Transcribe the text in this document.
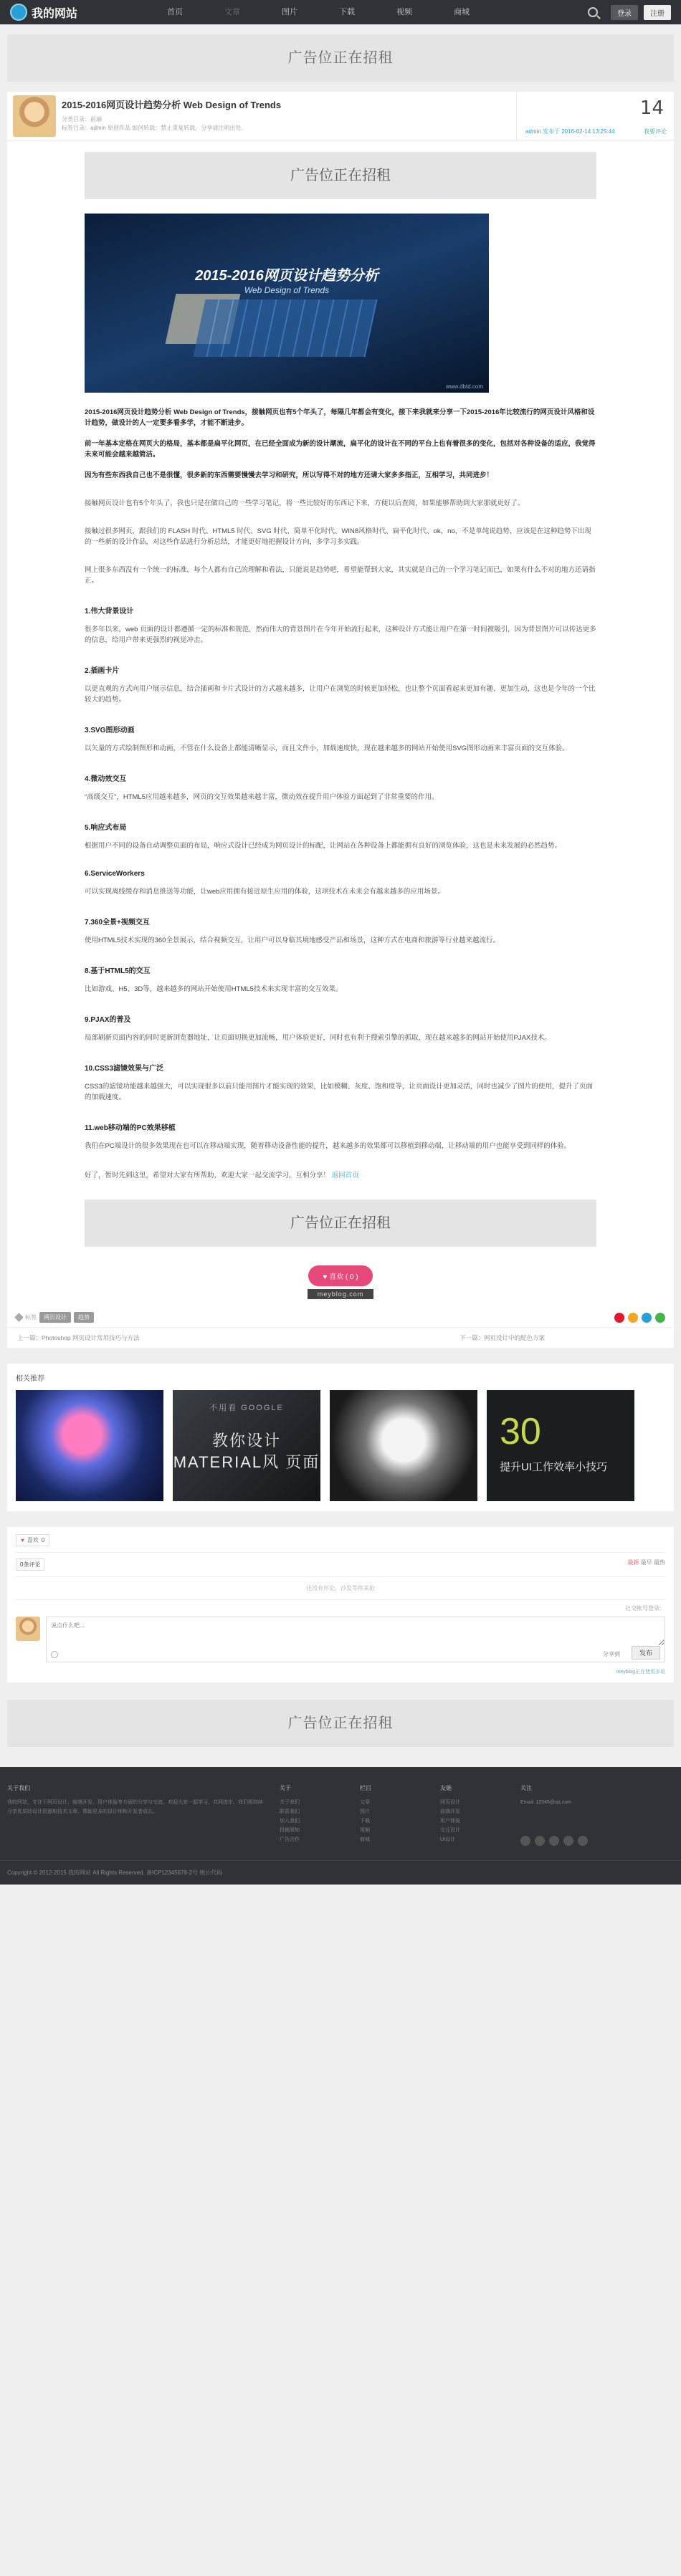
我的网站	首页	文章	图片	下载	视频	商城	登录	注册
广告位正在招租
2015-2016网页设计趋势分析 Web Design of Trends
分类目录：前端
标签目录：admin 原创作品 如何转载：禁止重复转载，分享请注明出处。
14
admin 发布于 2016-02-14 13:25:44	我要评论
广告位正在招租
2015-2016网页设计趋势分析
Web Design of Trends
www.dbtd.com
2015-2016网页设计趋势分析 Web Design of Trends，接触网页也有5个年头了，每隔几年都会有变化，接下来我就来分享一下2015-2016年比较流行的网页设计风格和设计趋势，做设计的人一定要多看多学，才能不断进步。
前一年基本定格在网页大的格局，基本都是扁平化网页，在已经全面成为新的设计潮流，扁平化的设计在不同的平台上也有着很多的变化，包括对各种设备的适应，我觉得未来可能会越来越简洁。
因为有些东西我自己也不是很懂，很多新的东西需要慢慢去学习和研究，所以写得不对的地方还请大家多多指正，互相学习，共同进步！
接触网页设计也有5个年头了，我也只是在做自己的一些学习笔记，将一些比较好的东西记下来，方便以后查阅，如果能够帮助到大家那就更好了。
接触过很多网页，跟我们的 FLASH 时代、HTML5 时代、SVG 时代、简单平化时代、WIN8风格时代、扁平化时代、ok，no，不是单纯说趋势，应该是在这种趋势下出现的一些新的设计作品，对这些作品进行分析总结，才能更好地把握设计方向，多学习多实践。
网上很多东西没有一个统一的标准，每个人都有自己的理解和看法，只能说是趋势吧，希望能帮到大家，其实就是自己的一个学习笔记而已，如果有什么不对的地方还请指正。
1.伟大背景设计
很多年以来，web 页面的设计都遵循一定的标准和规范，然而伟大的背景图片在今年开始流行起来，这种设计方式能让用户在第一时间被吸引，因为背景图片可以传达更多的信息，给用户带来更强烈的视觉冲击。
2.插画卡片
以更直观的方式向用户展示信息，结合插画和卡片式设计的方式越来越多，让用户在浏览的时候更加轻松，也让整个页面看起来更加有趣、更加生动，这也是今年的一个比较大的趋势。
3.SVG图形动画
以矢量的方式绘制图形和动画，不管在什么设备上都能清晰显示，而且文件小，加载速度快，现在越来越多的网站开始使用SVG图形动画来丰富页面的交互体验。
4.微动效交互
“高级交互”，HTML5应用越来越多，网页的交互效果越来越丰富，微动效在提升用户体验方面起到了非常重要的作用。
5.响应式布局
根据用户不同的设备自动调整页面的布局，响应式设计已经成为网页设计的标配，让网站在各种设备上都能拥有良好的浏览体验，这也是未来发展的必然趋势。
6.ServiceWorkers
可以实现离线缓存和消息推送等功能，让web应用拥有接近原生应用的体验，这项技术在未来会有越来越多的应用场景。
7.360全景+视频交互
使用HTML5技术实现的360全景展示，结合视频交互，让用户可以身临其境地感受产品和场景，这种方式在电商和旅游等行业越来越流行。
8.基于HTML5的交互
比如游戏、H5、3D等，越来越多的网站开始使用HTML5技术来实现丰富的交互效果。
9.PJAX的普及
局部刷新页面内容的同时更新浏览器地址，让页面切换更加流畅，用户体验更好，同时也有利于搜索引擎的抓取，现在越来越多的网站开始使用PJAX技术。
10.CSS3滤镜效果与广泛
CSS3的滤镜功能越来越强大，可以实现很多以前只能用图片才能实现的效果，比如模糊、灰度、饱和度等，让页面设计更加灵活，同时也减少了图片的使用，提升了页面的加载速度。
11.web移动端的PC效果移植
我们在PC端设计的很多效果现在也可以在移动端实现，随着移动设备性能的提升，越来越多的效果都可以移植到移动端，让移动端的用户也能享受到同样的体验。
好了，暂时先到这里，希望对大家有所帮助，欢迎大家一起交流学习，互相分享！ 返回首页
广告位正在招租
♥ 喜欢 ( 0 )
meyblog.com
标签	网页设计	趋势
上一篇：Photoshop 网页设计常用技巧与方法	下一篇：网页设计中的配色方案
相关推荐
不用看 GOOGLE
教你设计 MATERIAL风 页面
30
提升UI工作效率小技巧
♥ 喜欢 0
0条评论	最新 最早 最热
还没有评论，沙发等你来抢
社交帐号登录：
说点什么吧...
分享到	发布
meyblog正在使用多说
广告位正在招租
关于我们

我的网站，专注于网页设计、前端开发、用户体验等方面的分享与交流，欢迎大家一起学习，共同进步。我们将持续分享优质的设计资源和技术文章，帮助更多的设计师和开发者成长。

关于

关于我们

联系我们

加入我们

投稿须知

广告合作

栏目

文章

图片

下载

视频

商城

友链

网页设计

前端开发

用户体验

交互设计

UI设计

关注

Email: 12345@qq.com

Copyright © 2012-2015 我的网站 All Rights Reserved. 备ICP12345678-2号 统计代码
